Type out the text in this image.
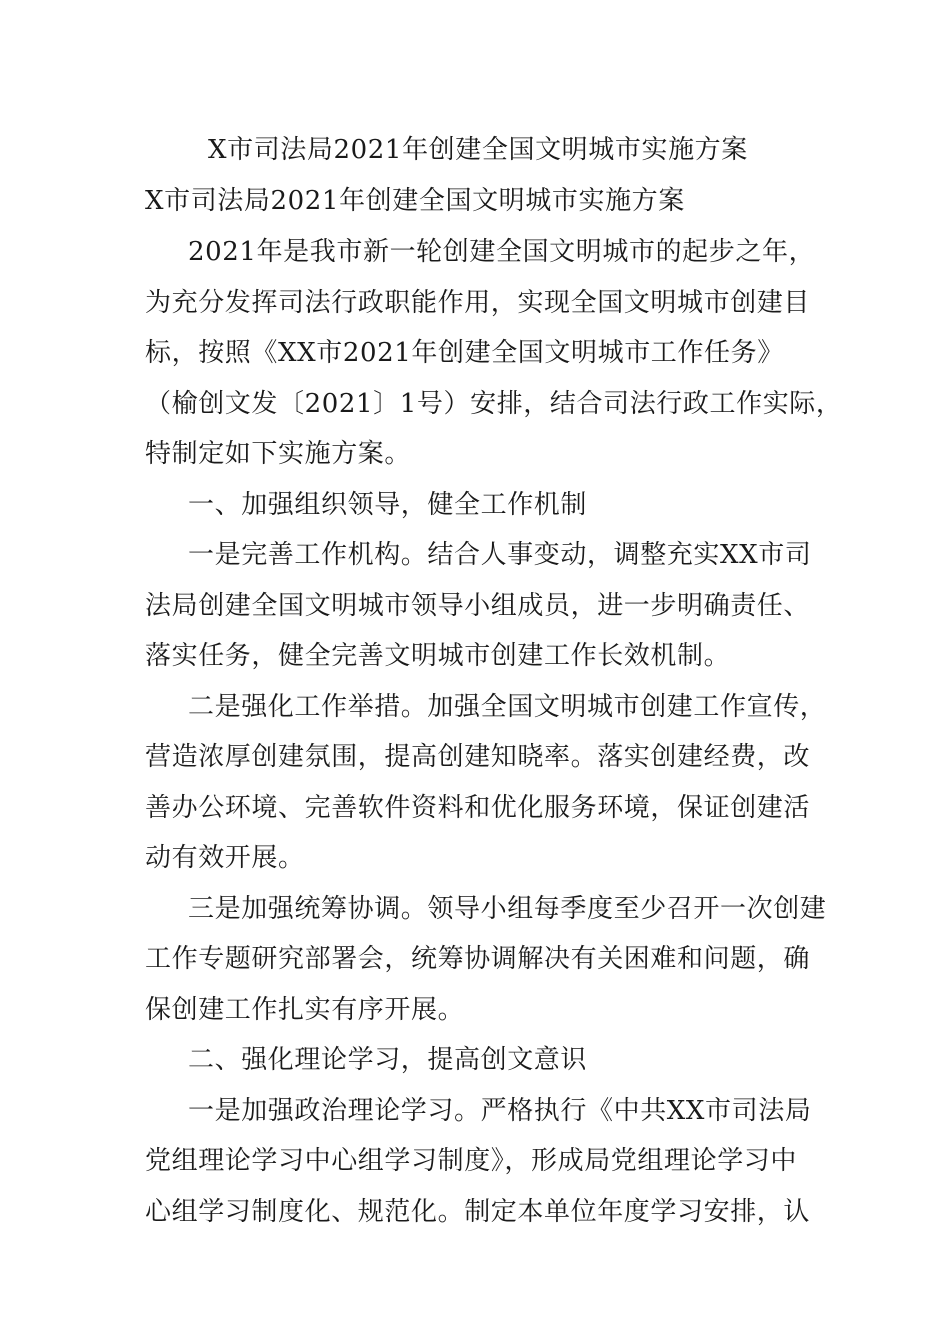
X市司法局2021年创建全国文明城市实施方案
X市司法局2021年创建全国文明城市实施方案
2021年是我市新一轮创建全国文明城市的起步之年，
为充分发挥司法行政职能作用，实现全国文明城市创建目
标，按照《XX市2021年创建全国文明城市工作任务》
（榆创文发〔2021〕1号）安排，结合司法行政工作实际，
特制定如下实施方案。
一、加强组织领导，健全工作机制
一是完善工作机构。结合人事变动，调整充实XX市司
法局创建全国文明城市领导小组成员，进一步明确责任、
落实任务，健全完善文明城市创建工作长效机制。
二是强化工作举措。加强全国文明城市创建工作宣传，
营造浓厚创建氛围，提高创建知晓率。落实创建经费，改
善办公环境、完善软件资料和优化服务环境，保证创建活
动有效开展。
三是加强统筹协调。领导小组每季度至少召开一次创建
工作专题研究部署会，统筹协调解决有关困难和问题，确
保创建工作扎实有序开展。
二、强化理论学习，提高创文意识
一是加强政治理论学习。严格执行《中共XX市司法局
党组理论学习中心组学习制度》，形成局党组理论学习中
心组学习制度化、规范化。制定本单位年度学习安排，认
